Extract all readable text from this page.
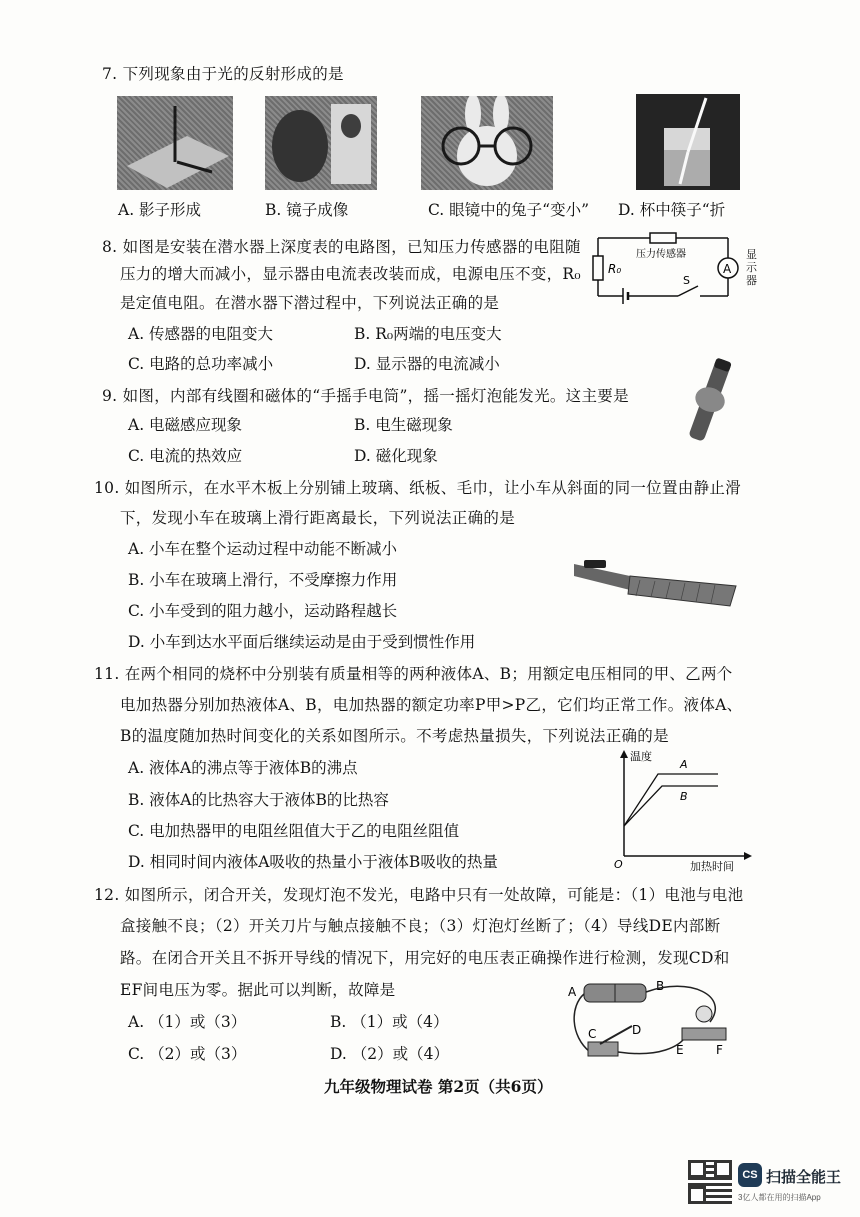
7. 下列现象由于光的反射形成的是
A. 影子形成	B. 镜子成像	C. 眼镜中的兔子“变小” D. 杯中筷子“折
8. 如图是安装在潜水器上深度表的电路图，已知压力传感器的电阻随
压力的增大而减小，显示器由电流表改装而成，电源电压不变，R₀
是定值电阻。在潜水器下潜过程中，下列说法正确的是
A
R₀
压力传感器
S
显示器
A. 传感器的电阻变大	B. R₀两端的电压变大
C. 电路的总功率减小	D. 显示器的电流减小
9. 如图，内部有线圈和磁体的“手摇手电筒”，摇一摇灯泡能发光。这主要是
A. 电磁感应现象	B. 电生磁现象
C. 电流的热效应	D. 磁化现象
10. 如图所示，在水平木板上分别铺上玻璃、纸板、毛巾，让小车从斜面的同一位置由静止滑
下，发现小车在玻璃上滑行距离最长，下列说法正确的是
A. 小车在整个运动过程中动能不断减小
B. 小车在玻璃上滑行，不受摩擦力作用
C. 小车受到的阻力越小，运动路程越长
D. 小车到达水平面后继续运动是由于受到惯性作用
11. 在两个相同的烧杯中分别装有质量相等的两种液体A、B；用额定电压相同的甲、乙两个
电加热器分别加热液体A、B，电加热器的额定功率P甲>P乙，它们均正常工作。液体A、
B的温度随加热时间变化的关系如图所示。不考虑热量损失，下列说法正确的是
A. 液体A的沸点等于液体B的沸点
B. 液体A的比热容大于液体B的比热容
C. 电加热器甲的电阻丝阻值大于乙的电阻丝阻值
D. 相同时间内液体A吸收的热量小于液体B吸收的热量
温度
O
A
B
加热时间
12. 如图所示，闭合开关，发现灯泡不发光，电路中只有一处故障，可能是：（1）电池与电池
盒接触不良；（2）开关刀片与触点接触不良；（3）灯泡灯丝断了；（4）导线DE内部断
路。在闭合开关且不拆开导线的情况下，用完好的电压表正确操作进行检测，发现CD和
EF间电压为零。据此可以判断，故障是
A. （1）或（3）	B. （1）或（4）
C. （2）或（3）	D. （2）或（4）
A	B
C	D
E	F
九年级物理试卷 第2页（共6页）
CS 扫描全能王
3亿人都在用的扫描App
